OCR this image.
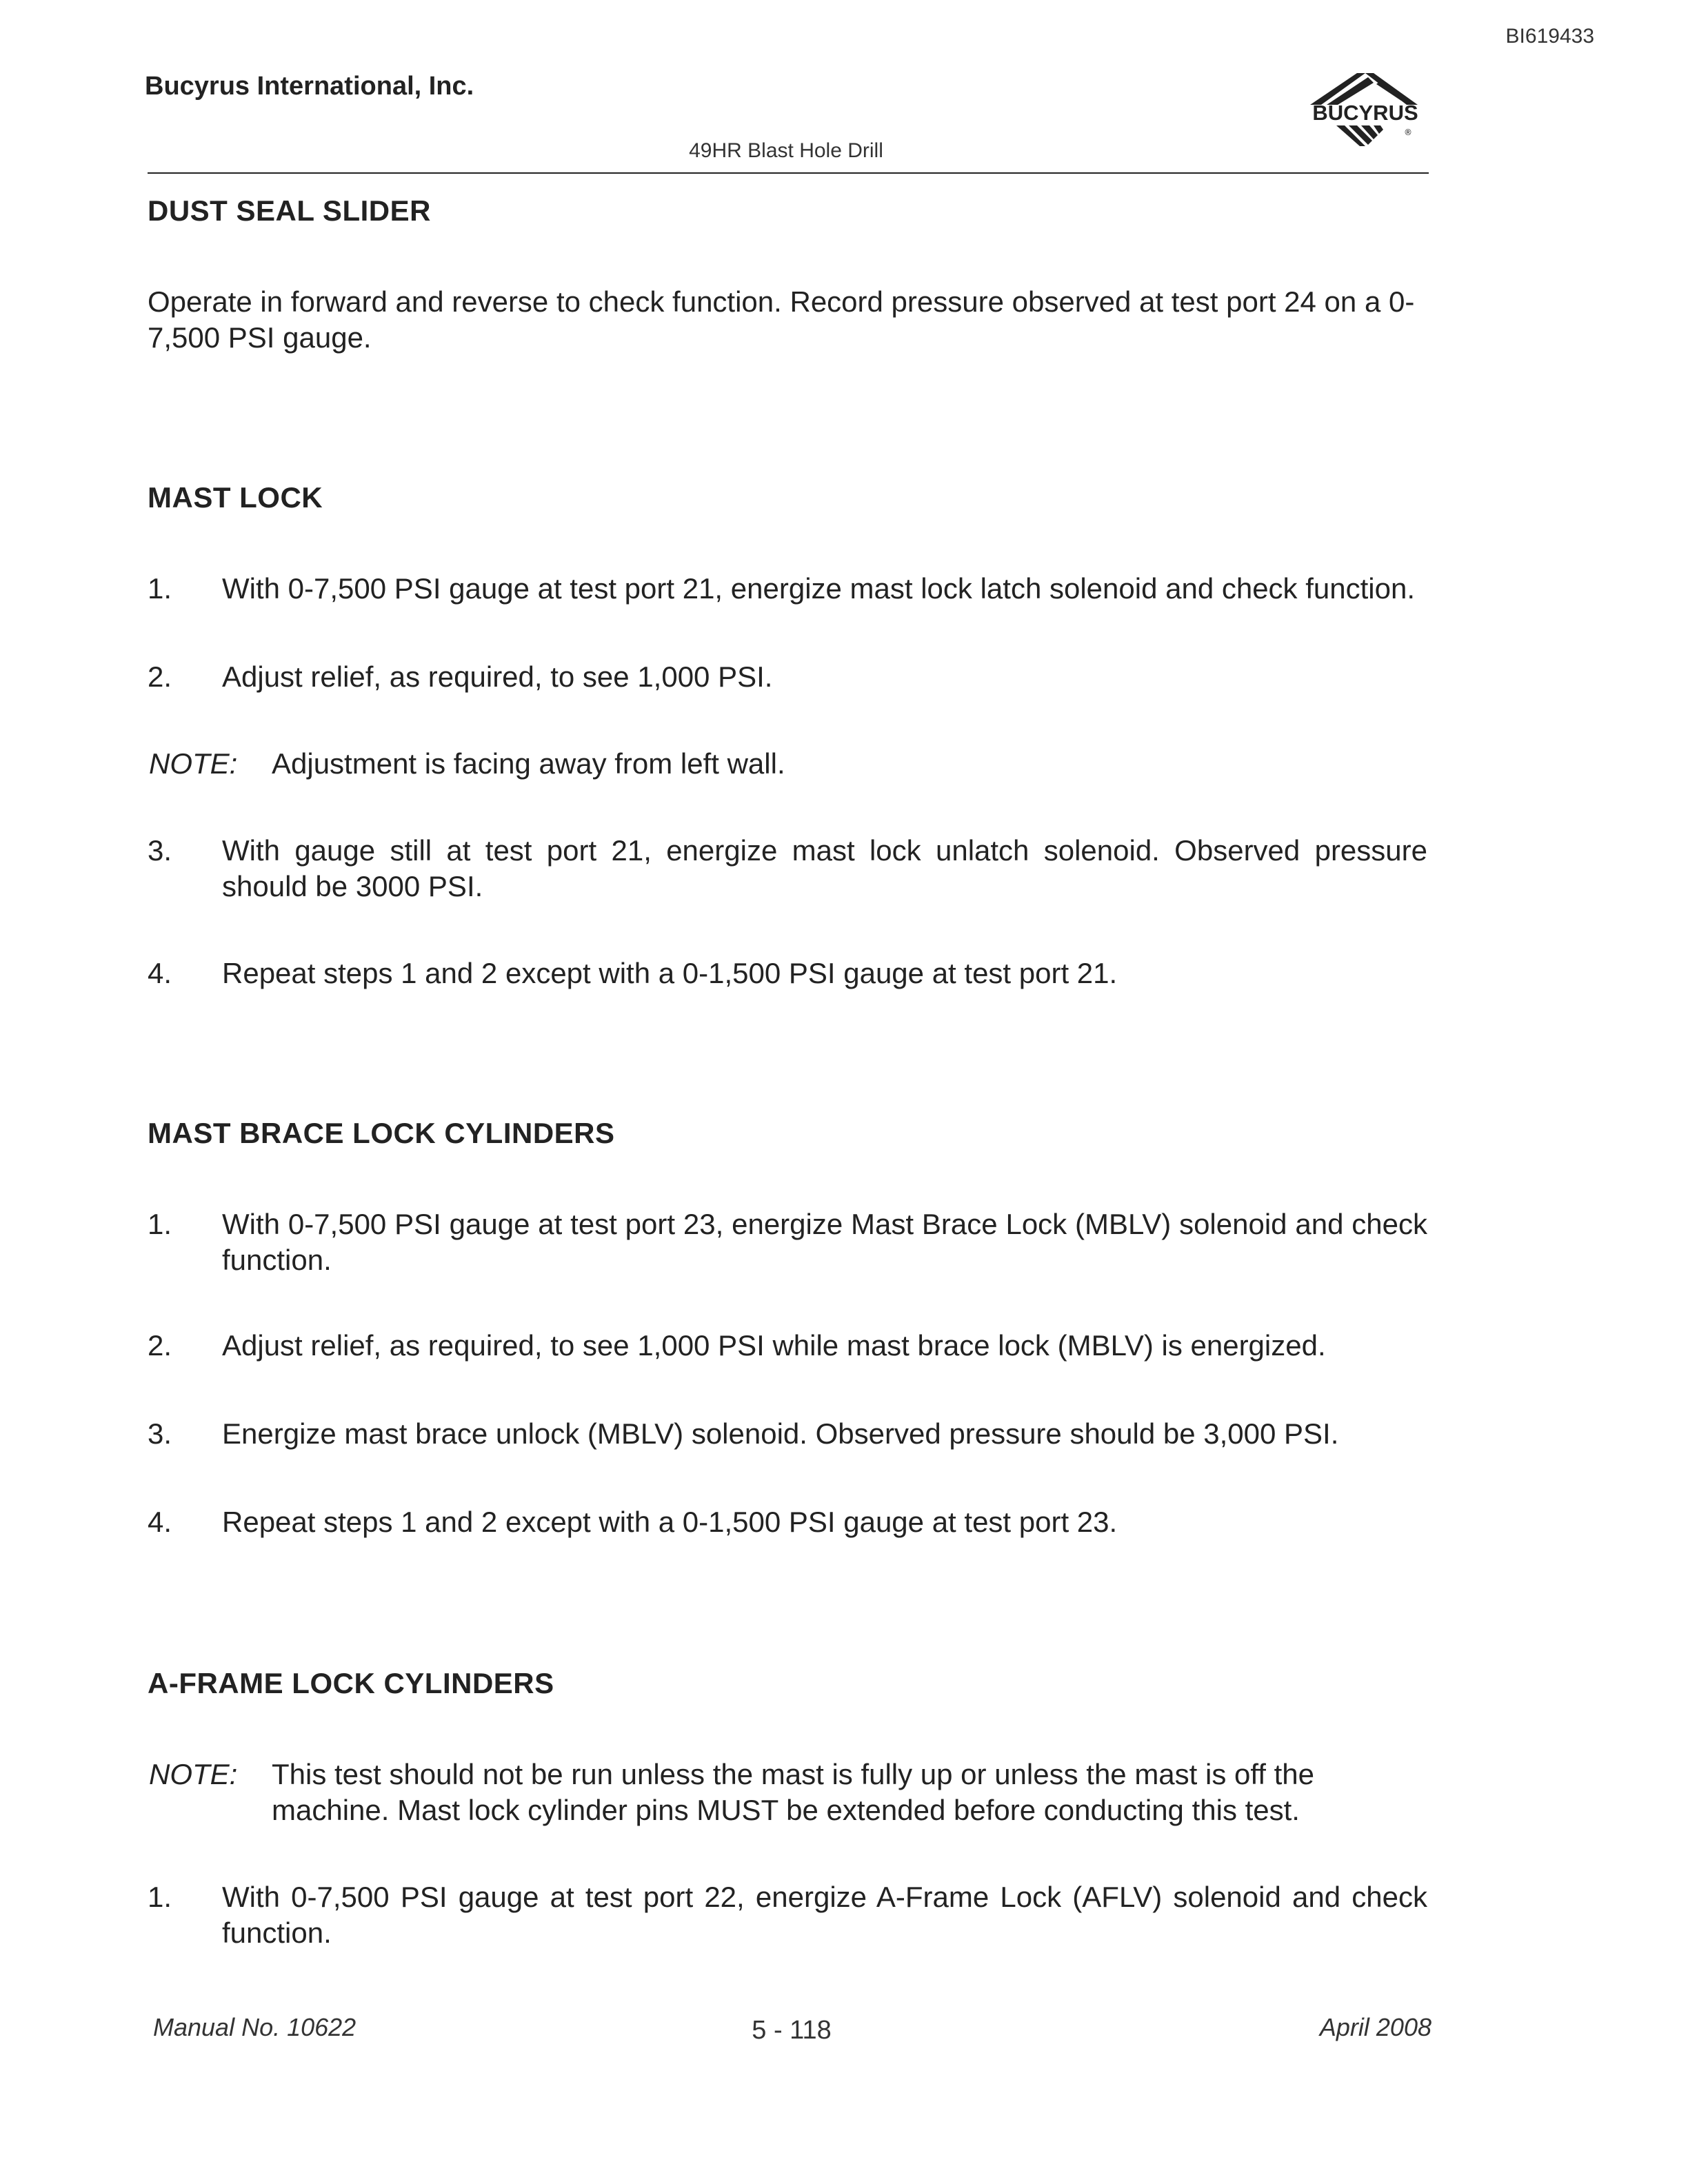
BI619433
Bucyrus International, Inc.
BUCYRUS
®
49HR Blast Hole Drill
DUST SEAL SLIDER
Operate in forward and reverse to check function. Record pressure observed at test port 24 on a 0-7,500 PSI gauge.
MAST LOCK
1. With 0-7,500 PSI gauge at test port 21, energize mast lock latch solenoid and check function.
2. Adjust relief, as required, to see 1,000 PSI.
NOTE: Adjustment is facing away from left wall.
3. With gauge still at test port 21, energize mast lock unlatch solenoid. Observed pressure should be 3000 PSI.
4. Repeat steps 1 and 2 except with a 0-1,500 PSI gauge at test port 21.
MAST BRACE LOCK CYLINDERS
1. With 0-7,500 PSI gauge at test port 23, energize Mast Brace Lock (MBLV) solenoid and check function.
2. Adjust relief, as required, to see 1,000 PSI while mast brace lock (MBLV) is energized.
3. Energize mast brace unlock (MBLV) solenoid. Observed pressure should be 3,000 PSI.
4. Repeat steps 1 and 2 except with a 0-1,500 PSI gauge at test port 23.
A-FRAME LOCK CYLINDERS
NOTE: This test should not be run unless the mast is fully up or unless the mast is off the machine. Mast lock cylinder pins MUST be extended before conducting this test.
1. With 0-7,500 PSI gauge at test port 22, energize A-Frame Lock (AFLV) solenoid and check function.
Manual No. 10622	5 - 118	April 2008
